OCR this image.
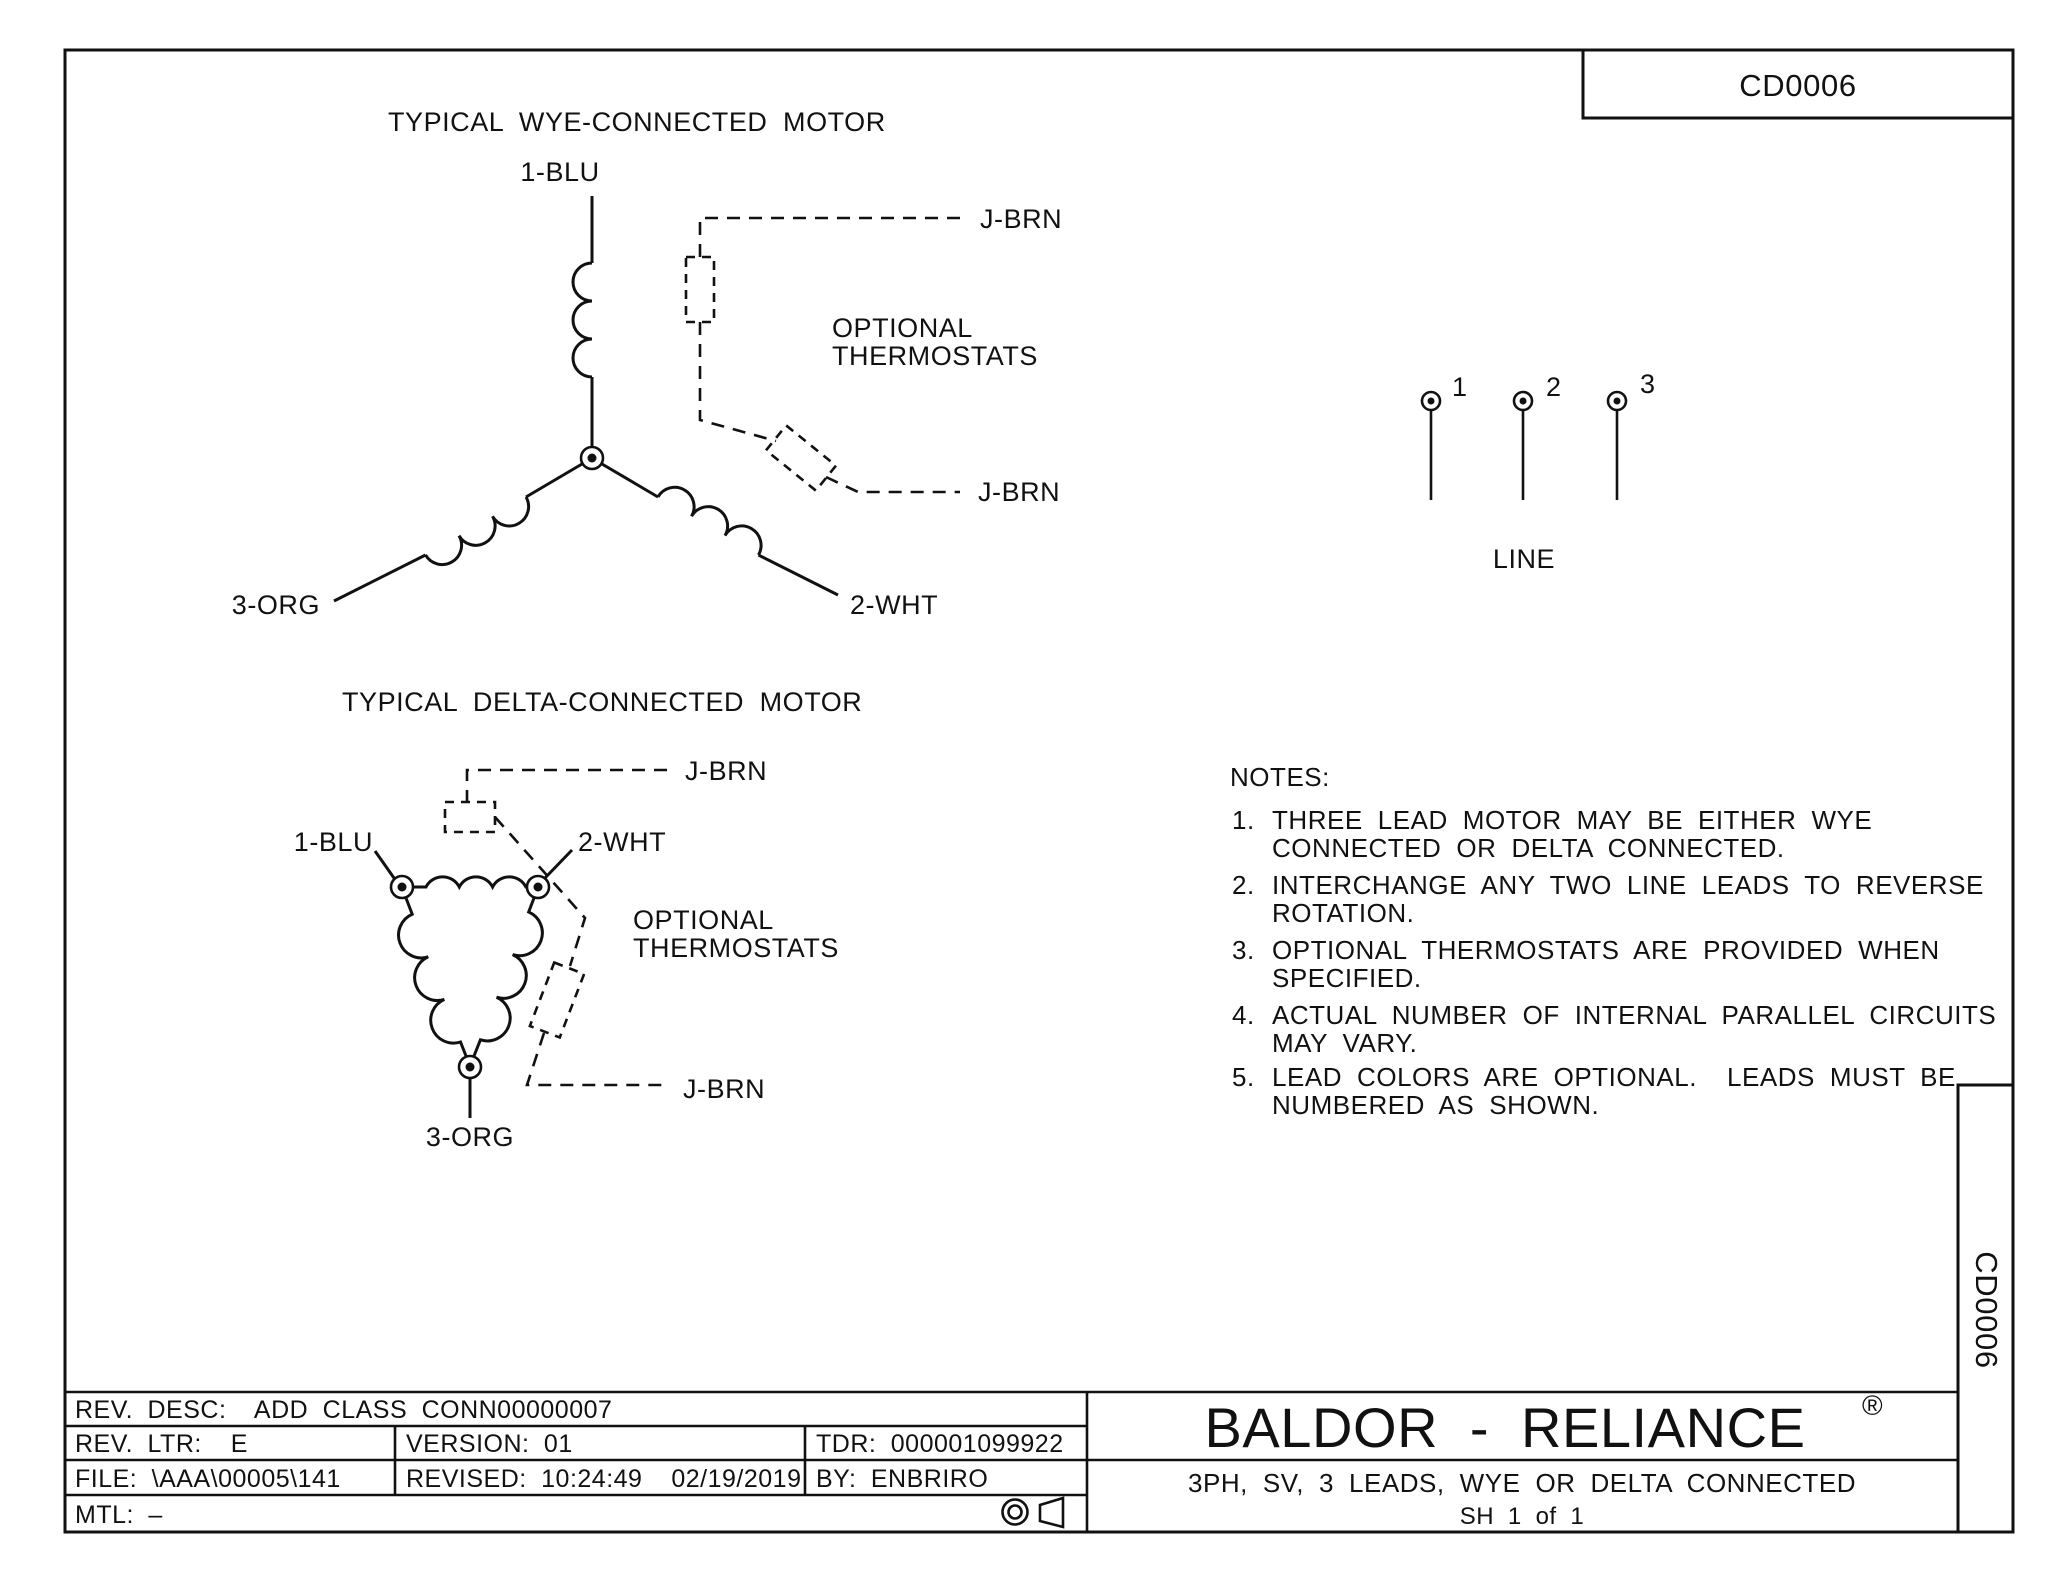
CD0006
CD0006
TYPICAL WYE-CONNECTED MOTOR
1-BLU
3-ORG	2-WHT
J-BRN
J-BRN
OPTIONAL
THERMOSTATS
TYPICAL DELTA-CONNECTED MOTOR
1-BLU	2-WHT
3-ORG
J-BRN
J-BRN
OPTIONAL
THERMOSTATS
1	2	3
LINE
NOTES:
1. THREE LEAD MOTOR MAY BE EITHER WYE
CONNECTED OR DELTA CONNECTED.
2. INTERCHANGE ANY TWO LINE LEADS TO REVERSE
ROTATION.
3. OPTIONAL THERMOSTATS ARE PROVIDED WHEN
SPECIFIED.
4. ACTUAL NUMBER OF INTERNAL PARALLEL CIRCUITS
MAY VARY.
5. LEAD COLORS ARE OPTIONAL.  LEADS MUST BE
NUMBERED AS SHOWN.
REV. DESC:  ADD CLASS CONN00000007
REV. LTR:  E	VERSION: 01	TDR: 000001099922
FILE: \AAA\00005\141	REVISED: 10:24:49  02/19/2019 BY: ENBRIRO
MTL: –
BALDOR - RELIANCE ®
3PH, SV, 3 LEADS, WYE OR DELTA CONNECTED
SH 1 of 1
